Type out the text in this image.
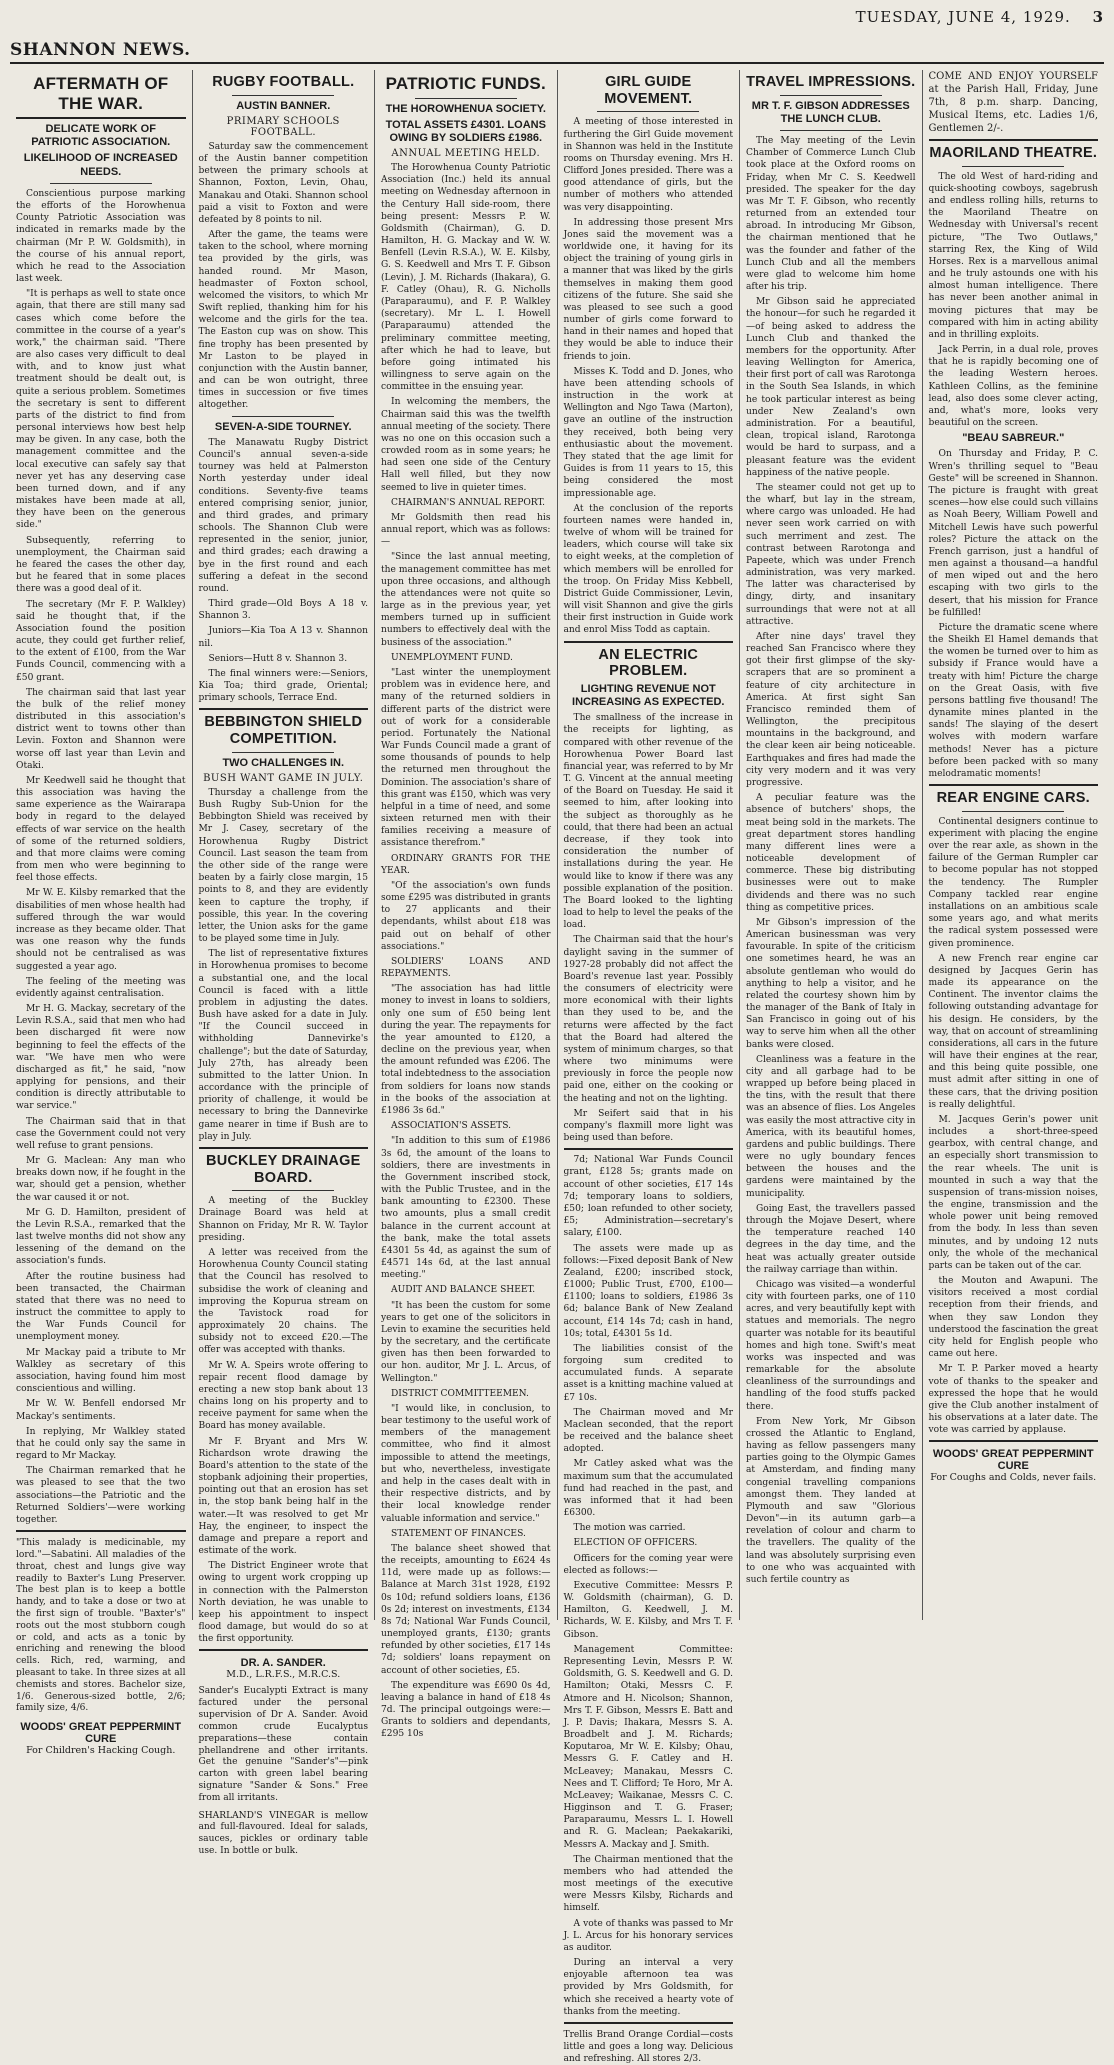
SHANNON NEWS.
TUESDAY, JUNE 4, 1929. 3
AFTERMATH OF THE WAR.
DELICATE WORK OF PATRIOTIC ASSOCIATION.
LIKELIHOOD OF INCREASED NEEDS.

Conscientious purpose marking the efforts of the Horowhenua County Patriotic Association was indicated in remarks made by the chairman (Mr P. W. Goldsmith), in the course of his annual report, which he read to the Association last week.

"It is perhaps as well to state once again, that there are still many sad cases which come before the committee in the course of a year's work," the chairman said. "There are also cases very difficult to deal with, and to know just what treatment should be dealt out, is quite a serious problem. Sometimes the secretary is sent to different parts of the district to find from personal interviews how best help may be given. In any case, both the management committee and the local executive can safely say that never yet has any deserving case been turned down, and if any mistakes have been made at all, they have been on the generous side."

Subsequently, referring to unemployment, the Chairman said he feared the cases the other day, but he feared that in some places there was a good deal of it.

The secretary (Mr F. P. Walkley) said he thought that, if the Association found the position acute, they could get further relief, to the extent of £100, from the War Funds Council, commencing with a £50 grant.

The chairman said that last year the bulk of the relief money distributed in this association's district went to towns other than Levin. Foxton and Shannon were worse off last year than Levin and Otaki.

Mr Keedwell said he thought that this association was having the same experience as the Wairarapa body in regard to the delayed effects of war service on the health of some of the returned soldiers, and that more claims were coming from men who were beginning to feel those effects.

Mr W. E. Kilsby remarked that the disabilities of men whose health had suffered through the war would increase as they became older. That was one reason why the funds should not be centralised as was suggested a year ago.

The feeling of the meeting was evidently against centralisation.

Mr H. G. Mackay, secretary of the Levin R.S.A., said that men who had been discharged fit were now beginning to feel the effects of the war. "We have men who were discharged as fit," he said, "now applying for pensions, and their condition is directly attributable to war service."

The Chairman said that in that case the Government could not very well refuse to grant pensions.

Mr G. Maclean: Any man who breaks down now, if he fought in the war, should get a pension, whether the war caused it or not.

Mr G. D. Hamilton, president of the Levin R.S.A., remarked that the last twelve months did not show any lessening of the demand on the association's funds.

After the routine business had been transacted, the Chairman stated that there was no need to instruct the committee to apply to the War Funds Council for unemployment money.

Mr Mackay paid a tribute to Mr Walkley as secretary of this association, having found him most conscientious and willing.

Mr W. W. Benfell endorsed Mr Mackay's sentiments.

In replying, Mr Walkley stated that he could only say the same in regard to Mr Mackay.

The Chairman remarked that he was pleased to see that the two associations—the Patriotic and the Returned Soldiers'—were working together.

"This malady is medicinable, my lord."—Sabatini. All maladies of the throat, chest and lungs give way readily to Baxter's Lung Preserver. The best plan is to keep a bottle handy, and to take a dose or two at the first sign of trouble. "Baxter's" roots out the most stubborn cough or cold, and acts as a tonic by enriching and renewing the blood cells. Rich, red, warming, and pleasant to take. In three sizes at all chemists and stores. Bachelor size, 1/6. Generous-sized bottle, 2/6; family size, 4/6.
WOODS' GREAT PEPPERMINT CURE
For Children's Hacking Cough.
RUGBY FOOTBALL.
AUSTIN BANNER.
PRIMARY SCHOOLS FOOTBALL.

Saturday saw the commencement of the Austin banner competition between the primary schools at Shannon, Foxton, Levin, Ohau, Manakau and Otaki. Shannon school paid a visit to Foxton and were defeated by 8 points to nil.

After the game, the teams were taken to the school, where morning tea provided by the girls, was handed round. Mr Mason, headmaster of Foxton school, welcomed the visitors, to which Mr Swift replied, thanking him for his welcome and the girls for the tea. The Easton cup was on show. This fine trophy has been presented by Mr Laston to be played in conjunction with the Austin banner, and can be won outright, three times in succession or five times altogether.

SEVEN-A-SIDE TOURNEY.

The Manawatu Rugby District Council's annual seven-a-side tourney was held at Palmerston North yesterday under ideal conditions. Seventy-five teams entered comprising senior, junior, and third grades, and primary schools. The Shannon Club were represented in the senior, junior, and third grades; each drawing a bye in the first round and each suffering a defeat in the second round.

Third grade—Old Boys A 18 v. Shannon 3.

Juniors—Kia Toa A 13 v. Shannon nil.

Seniors—Hutt 8 v. Shannon 3.

The final winners were:—Seniors, Kia Toa; third grade, Oriental; primary schools, Terrace End.

BEBBINGTON SHIELD COMPETITION.
TWO CHALLENGES IN.
BUSH WANT GAME IN JULY.

Thursday a challenge from the Bush Rugby Sub-Union for the Bebbington Shield was received by Mr J. Casey, secretary of the Horowhenua Rugby District Council. Last season the team from the other side of the range were beaten by a fairly close margin, 15 points to 8, and they are evidently keen to capture the trophy, if possible, this year. In the covering letter, the Union asks for the game to be played some time in July.

The list of representative fixtures in Horowhenua promises to become a substantial one, and the local Council is faced with a little problem in adjusting the dates. Bush have asked for a date in July. "If the Council succeed in withholding Dannevirke's challenge"; but the date of Saturday, July 27th, has already been submitted to the latter Union. In accordance with the principle of priority of challenge, it would be necessary to bring the Dannevirke game nearer in time if Bush are to play in July.

BUCKLEY DRAINAGE BOARD.

A meeting of the Buckley Drainage Board was held at Shannon on Friday, Mr R. W. Taylor presiding.

A letter was received from the Horowhenua County Council stating that the Council has resolved to subsidise the work of cleaning and improving the Kopurua stream on the Tavistock road for approximately 20 chains. The subsidy not to exceed £20.—The offer was accepted with thanks.

Mr W. A. Speirs wrote offering to repair recent flood damage by erecting a new stop bank about 13 chains long on his property and to receive payment for same when the Board has money available.

Mr F. Bryant and Mrs W. Richardson wrote drawing the Board's attention to the state of the stopbank adjoining their properties, pointing out that an erosion has set in, the stop bank being half in the water.—It was resolved to get Mr Hay, the engineer, to inspect the damage and prepare a report and estimate of the work.

The District Engineer wrote that owing to urgent work cropping up in connection with the Palmerston North deviation, he was unable to keep his appointment to inspect flood damage, but would do so at the first opportunity.

DR. A. SANDER.
M.D., L.R.F.S., M.R.C.S.
Sander's Eucalypti Extract is many factured under the personal supervision of Dr A. Sander. Avoid common crude Eucalyptus preparations—these contain phellandrene and other irritants. Get the genuine "Sander's"—pink carton with green label bearing signature "Sander & Sons." Free from all irritants.
SHARLAND'S VINEGAR is mellow and full-flavoured. Ideal for salads, sauces, pickles or ordinary table use. In bottle or bulk.
PATRIOTIC FUNDS.
THE HOROWHENUA SOCIETY.
TOTAL ASSETS £4301. LOANS OWING BY SOLDIERS £1986.
ANNUAL MEETING HELD.

The Horowhenua County Patriotic Association (Inc.) held its annual meeting on Wednesday afternoon in the Century Hall side-room, there being present: Messrs P. W. Goldsmith (Chairman), G. D. Hamilton, H. G. Mackay and W. W. Benfell (Levin R.S.A.), W. E. Kilsby, G. S. Keedwell and Mrs T. F. Gibson (Levin), J. M. Richards (Ihakara), G. F. Catley (Ohau), R. G. Nicholls (Paraparaumu), and F. P. Walkley (secretary). Mr L. I. Howell (Paraparaumu) attended the preliminary committee meeting, after which he had to leave, but before going intimated his willingness to serve again on the committee in the ensuing year.

In welcoming the members, the Chairman said this was the twelfth annual meeting of the society. There was no one on this occasion such a crowded room as in some years; he had seen one side of the Century Hall well filled, but they now seemed to live in quieter times.

CHAIRMAN'S ANNUAL REPORT.

Mr Goldsmith then read his annual report, which was as follows:—

"Since the last annual meeting, the management committee has met upon three occasions, and although the attendances were not quite so large as in the previous year, yet members turned up in sufficient numbers to effectively deal with the business of the association."

UNEMPLOYMENT FUND.

"Last winter the unemployment problem was in evidence here, and many of the returned soldiers in different parts of the district were out of work for a considerable period. Fortunately the National War Funds Council made a grant of some thousands of pounds to help the returned men throughout the Dominion. The association's share of this grant was £150, which was very helpful in a time of need, and some sixteen returned men with their families receiving a measure of assistance therefrom."

ORDINARY GRANTS FOR THE YEAR.

"Of the association's own funds some £295 was distributed in grants to 27 applicants and their dependants, whilst about £18 was paid out on behalf of other associations."

SOLDIERS' LOANS AND REPAYMENTS.

"The association has had little money to invest in loans to soldiers, only one sum of £50 being lent during the year. The repayments for the year amounted to £120, a decline on the previous year, when the amount refunded was £206. The total indebtedness to the association from soldiers for loans now stands in the books of the association at £1986 3s 6d."

ASSOCIATION'S ASSETS.

"In addition to this sum of £1986 3s 6d, the amount of the loans to soldiers, there are investments in the Government inscribed stock, with the Public Trustee, and in the bank amounting to £2300. These two amounts, plus a small credit balance in the current account at the bank, make the total assets £4301 5s 4d, as against the sum of £4571 14s 6d, at the last annual meeting."

AUDIT AND BALANCE SHEET.

"It has been the custom for some years to get one of the solicitors in Levin to examine the securities held by the secretary, and the certificate given has then been forwarded to our hon. auditor, Mr J. L. Arcus, of Wellington."

DISTRICT COMMITTEEMEN.

"I would like, in conclusion, to bear testimony to the useful work of members of the management committee, who find it almost impossible to attend the meetings, but who, nevertheless, investigate and help in the cases dealt with in their respective districts, and by their local knowledge render valuable information and service."

STATEMENT OF FINANCES.

The balance sheet showed that the receipts, amounting to £624 4s 11d, were made up as follows:—Balance at March 31st 1928, £192 0s 10d; refund soldiers loans, £136 0s 2d; interest on investments, £134 8s 7d; National War Funds Council, unemployed grants, £130; grants refunded by other societies, £17 14s 7d; soldiers' loans repayment on account of other societies, £5.

The expenditure was £690 0s 4d, leaving a balance in hand of £18 4s 7d. The principal outgoings were:—Grants to soldiers and dependants, £295 10s

GIRL GUIDE MOVEMENT.

A meeting of those interested in furthering the Girl Guide movement in Shannon was held in the Institute rooms on Thursday evening. Mrs H. Clifford Jones presided. There was a good attendance of girls, but the number of mothers who attended was very disappointing.

In addressing those present Mrs Jones said the movement was a worldwide one, it having for its object the training of young girls in a manner that was liked by the girls themselves in making them good citizens of the future. She said she was pleased to see such a good number of girls come forward to hand in their names and hoped that they would be able to induce their friends to join.

Misses K. Todd and D. Jones, who have been attending schools of instruction in the work at Wellington and Ngo Tawa (Marton), gave an outline of the instruction they received, both being very enthusiastic about the movement. They stated that the age limit for Guides is from 11 years to 15, this being considered the most impressionable age.

At the conclusion of the reports fourteen names were handed in, twelve of whom will be trained for leaders, which course will take six to eight weeks, at the completion of which members will be enrolled for the troop. On Friday Miss Kebbell, District Guide Commissioner, Levin, will visit Shannon and give the girls their first instruction in Guide work and enrol Miss Todd as captain.

AN ELECTRIC PROBLEM.
LIGHTING REVENUE NOT INCREASING AS EXPECTED.

The smallness of the increase in the receipts for lighting, as compared with other revenue of the Horowhenua Power Board last financial year, was referred to by Mr T. G. Vincent at the annual meeting of the Board on Tuesday. He said it seemed to him, after looking into the subject as thoroughly as he could, that there had been an actual decrease, if they took into consideration the number of installations during the year. He would like to know if there was any possible explanation of the position. The Board looked to the lighting load to help to level the peaks of the load.

The Chairman said that the hour's daylight saving in the summer of 1927-28 probably did not affect the Board's revenue last year. Possibly the consumers of electricity were more economical with their lights than they used to be, and the returns were affected by the fact that the Board had altered the system of minimum charges, so that where two minimums were previously in force the people now paid one, either on the cooking or the heating and not on the lighting.

Mr Seifert said that in his company's flaxmill more light was being used than before.

7d; National War Funds Council grant, £128 5s; grants made on account of other societies, £17 14s 7d; temporary loans to soldiers, £50; loan refunded to other society, £5; Administration—secretary's salary, £100.

The assets were made up as follows:—Fixed deposit Bank of New Zealand, £200; inscribed stock, £1000; Public Trust, £700, £100—£1100; loans to soldiers, £1986 3s 6d; balance Bank of New Zealand account, £14 14s 7d; cash in hand, 10s; total, £4301 5s 1d.

The liabilities consist of the forgoing sum credited to accumulated funds. A separate asset is a knitting machine valued at £7 10s.

The Chairman moved and Mr Maclean seconded, that the report be received and the balance sheet adopted.

Mr Catley asked what was the maximum sum that the accumulated fund had reached in the past, and was informed that it had been £6300.

The motion was carried.

ELECTION OF OFFICERS.

Officers for the coming year were elected as follows:—

Executive Committee: Messrs P. W. Goldsmith (chairman), G. D. Hamilton, G. Keedwell, J. M. Richards, W. E. Kilsby, and Mrs T. F. Gibson.

Management Committee: Representing Levin, Messrs P. W. Goldsmith, G. S. Keedwell and G. D. Hamilton; Otaki, Messrs C. F. Atmore and H. Nicolson; Shannon, Mrs T. F. Gibson, Messrs E. Batt and J. P. Davis; Ihakara, Messrs S. A. Broadbelt and J. M. Richards; Koputaroa, Mr W. E. Kilsby; Ohau, Messrs G. F. Catley and H. McLeavey; Manakau, Messrs C. Nees and T. Clifford; Te Horo, Mr A. McLeavey; Waikanae, Messrs C. C. Higginson and T. G. Fraser; Paraparaumu, Messrs L. I. Howell and R. G. Maclean; Paekakariki, Messrs A. Mackay and J. Smith.

The Chairman mentioned that the members who had attended the most meetings of the executive were Messrs Kilsby, Richards and himself.

A vote of thanks was passed to Mr J. L. Arcus for his honorary services as auditor.

During an interval a very enjoyable afternoon tea was provided by Mrs Goldsmith, for which she received a hearty vote of thanks from the meeting.

Trellis Brand Orange Cordial—costs little and goes a long way. Delicious and refreshing. All stores 2/3.
TRAVEL IMPRESSIONS.
MR T. F. GIBSON ADDRESSES THE LUNCH CLUB.

The May meeting of the Levin Chamber of Commerce Lunch Club took place at the Oxford rooms on Friday, when Mr C. S. Keedwell presided. The speaker for the day was Mr T. F. Gibson, who recently returned from an extended tour abroad. In introducing Mr Gibson, the chairman mentioned that he was the founder and father of the Lunch Club and all the members were glad to welcome him home after his trip.

Mr Gibson said he appreciated the honour—for such he regarded it—of being asked to address the Lunch Club and thanked the members for the opportunity. After leaving Wellington for America, their first port of call was Rarotonga in the South Sea Islands, in which he took particular interest as being under New Zealand's own administration. For a beautiful, clean, tropical island, Rarotonga would be hard to surpass, and a pleasant feature was the evident happiness of the native people.

The steamer could not get up to the wharf, but lay in the stream, where cargo was unloaded. He had never seen work carried on with such merriment and zest. The contrast between Rarotonga and Papeete, which was under French administration, was very marked. The latter was characterised by dingy, dirty, and insanitary surroundings that were not at all attractive.

After nine days' travel they reached San Francisco where they got their first glimpse of the sky-scrapers that are so prominent a feature of city architecture in America. At first sight San Francisco reminded them of Wellington, the precipitous mountains in the background, and the clear keen air being noticeable. Earthquakes and fires had made the city very modern and it was very progressive.

A peculiar feature was the absence of butchers' shops, the meat being sold in the markets. The great department stores handling many different lines were a noticeable development of commerce. These big distributing businesses were out to make dividends and there was no such thing as competitive prices.

Mr Gibson's impression of the American businessman was very favourable. In spite of the criticism one sometimes heard, he was an absolute gentleman who would do anything to help a visitor, and he related the courtesy shown him by the manager of the Bank of Italy in San Francisco in going out of his way to serve him when all the other banks were closed.

Cleanliness was a feature in the city and all garbage had to be wrapped up before being placed in the tins, with the result that there was an absence of flies. Los Angeles was easily the most attractive city in America, with its beautiful homes, gardens and public buildings. There were no ugly boundary fences between the houses and the gardens were maintained by the municipality.

Going East, the travellers passed through the Mojave Desert, where the temperature reached 140 degrees in the day time, and the heat was actually greater outside the railway carriage than within.

Chicago was visited—a wonderful city with fourteen parks, one of 110 acres, and very beautifully kept with statues and memorials. The negro quarter was notable for its beautiful homes and high tone. Swift's meat works was inspected and was remarkable for the absolute cleanliness of the surroundings and handling of the food stuffs packed there.

From New York, Mr Gibson crossed the Atlantic to England, having as fellow passengers many parties going to the Olympic Games at Amsterdam, and finding many congenial travelling companions amongst them. They landed at Plymouth and saw "Glorious Devon"—in its autumn garb—a revelation of colour and charm to the travellers. The quality of the land was absolutely surprising even to one who was acquainted with such fertile country as

COME AND ENJOY YOURSELF at the Parish Hall, Friday, June 7th, 8 p.m. sharp. Dancing, Musical Items, etc. Ladies 1/6, Gentlemen 2/-.
MAORILAND THEATRE.

The old West of hard-riding and quick-shooting cowboys, sagebrush and endless rolling hills, returns to the Maoriland Theatre on Wednesday with Universal's recent picture, "The Two Outlaws," starring Rex, the King of Wild Horses. Rex is a marvellous animal and he truly astounds one with his almost human intelligence. There has never been another animal in moving pictures that may be compared with him in acting ability and in thrilling exploits.

Jack Perrin, in a dual role, proves that he is rapidly becoming one of the leading Western heroes. Kathleen Collins, as the feminine lead, also does some clever acting, and, what's more, looks very beautiful on the screen.

"BEAU SABREUR."

On Thursday and Friday, P. C. Wren's thrilling sequel to "Beau Geste" will be screened in Shannon. The picture is fraught with great scenes—how else could such villains as Noah Beery, William Powell and Mitchell Lewis have such powerful roles? Picture the attack on the French garrison, just a handful of men against a thousand—a handful of men wiped out and the hero escaping with two girls to the desert, that his mission for France be fulfilled!

Picture the dramatic scene where the Sheikh El Hamel demands that the women be turned over to him as subsidy if France would have a treaty with him! Picture the charge on the Great Oasis, with five persons battling five thousand! The dynamite mines planted in the sands! The slaying of the desert wolves with modern warfare methods! Never has a picture before been packed with so many melodramatic moments!

REAR ENGINE CARS.

Continental designers continue to experiment with placing the engine over the rear axle, as shown in the failure of the German Rumpler car to become popular has not stopped the tendency. The Rumpler Company tackled rear engine installations on an ambitious scale some years ago, and what merits the radical system possessed were given prominence.

A new French rear engine car designed by Jacques Gerin has made its appearance on the Continent. The inventor claims the following outstanding advantage for his design. He considers, by the way, that on account of streamlining considerations, all cars in the future will have their engines at the rear, and this being quite possible, one must admit after sitting in one of these cars, that the driving position is really delightful.

M. Jacques Gerin's power unit includes a short-three-speed gearbox, with central change, and an especially short transmission to the rear wheels. The unit is mounted in such a way that the suspension of trans-mission noises, the engine, transmission and the whole power unit being removed from the body. In less than seven minutes, and by undoing 12 nuts only, the whole of the mechanical parts can be taken out of the car.

the Mouton and Awapuni. The visitors received a most cordial reception from their friends, and when they saw London they understood the fascination the great city held for English people who came out here.

Mr T. P. Parker moved a hearty vote of thanks to the speaker and expressed the hope that he would give the Club another instalment of his observations at a later date. The vote was carried by applause.

WOODS' GREAT PEPPERMINT CURE
For Coughs and Colds, never fails.
